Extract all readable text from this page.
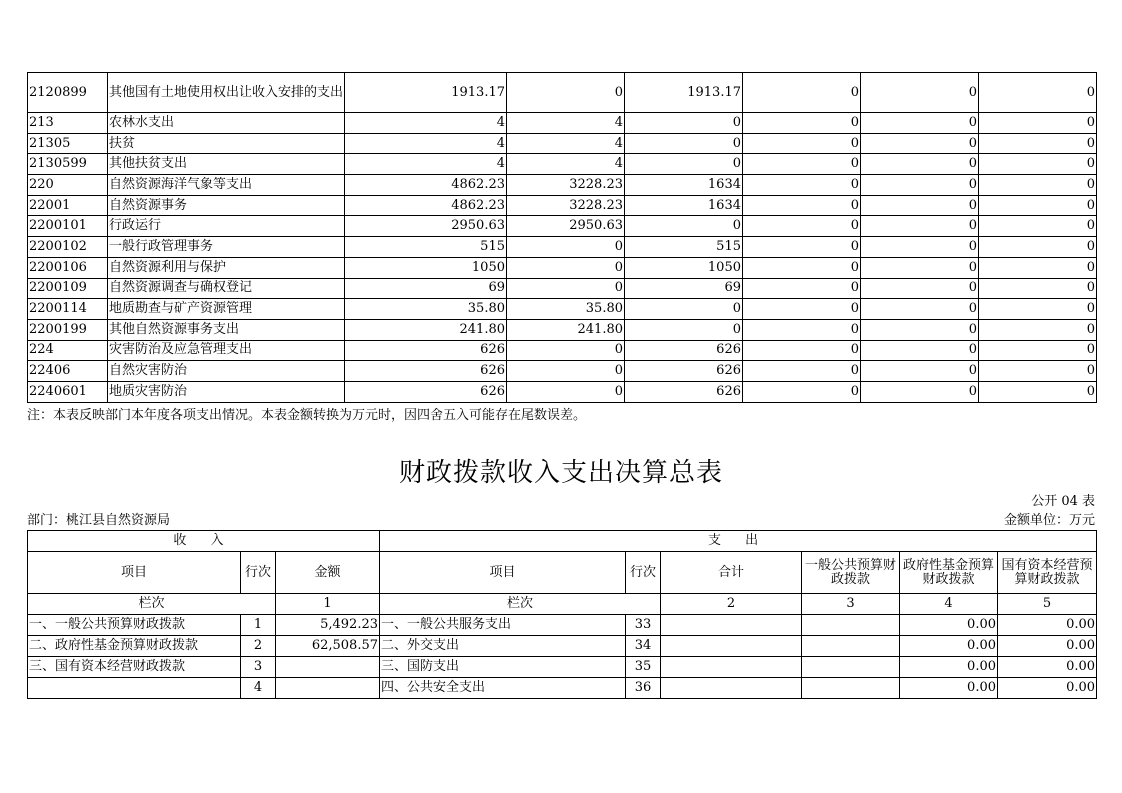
2120899	其他国有土地使用权出让收入安排的支出	1913.17	0	1913.17	0	0	0
213	农林水支出	4	4	0	0	0	0
21305	扶贫	4	4	0	0	0	0
2130599	其他扶贫支出	4	4	0	0	0	0
220	自然资源海洋气象等支出	4862.23	3228.23	1634	0	0	0
22001	自然资源事务	4862.23	3228.23	1634	0	0	0
2200101	行政运行	2950.63	2950.63	0	0	0	0
2200102	一般行政管理事务	515	0	515	0	0	0
2200106	自然资源利用与保护	1050	0	1050	0	0	0
2200109	自然资源调查与确权登记	69	0	69	0	0	0
2200114	地质勘查与矿产资源管理	35.80	35.80	0	0	0	0
2200199	其他自然资源事务支出	241.80	241.80	0	0	0	0
224	灾害防治及应急管理支出	626	0	626	0	0	0
22406	自然灾害防治	626	0	626	0	0	0
2240601	地质灾害防治	626	0	626	0	0	0
注：本表反映部门本年度各项支出情况。本表金额转换为万元时，因四舍五入可能存在尾数误差。
财政拨款收入支出决算总表
公开 04 表
部门：桃江县自然资源局	金额单位：万元
收 入			支 出					
项目	行次	金额	项目	行次	合计	一般公共预算财政拨款	政府性基金预算财政拨款	国有资本经营预算财政拨款
栏次		1	栏次		2	3	4	5
一、一般公共预算财政拨款	1	5,492.23	一、一般公共服务支出	33			0.00	0.00
二、政府性基金预算财政拨款	2	62,508.57	二、外交支出	34			0.00	0.00
三、国有资本经营财政拨款	3		三、国防支出	35			0.00	0.00
	4		四、公共安全支出	36			0.00	0.00
